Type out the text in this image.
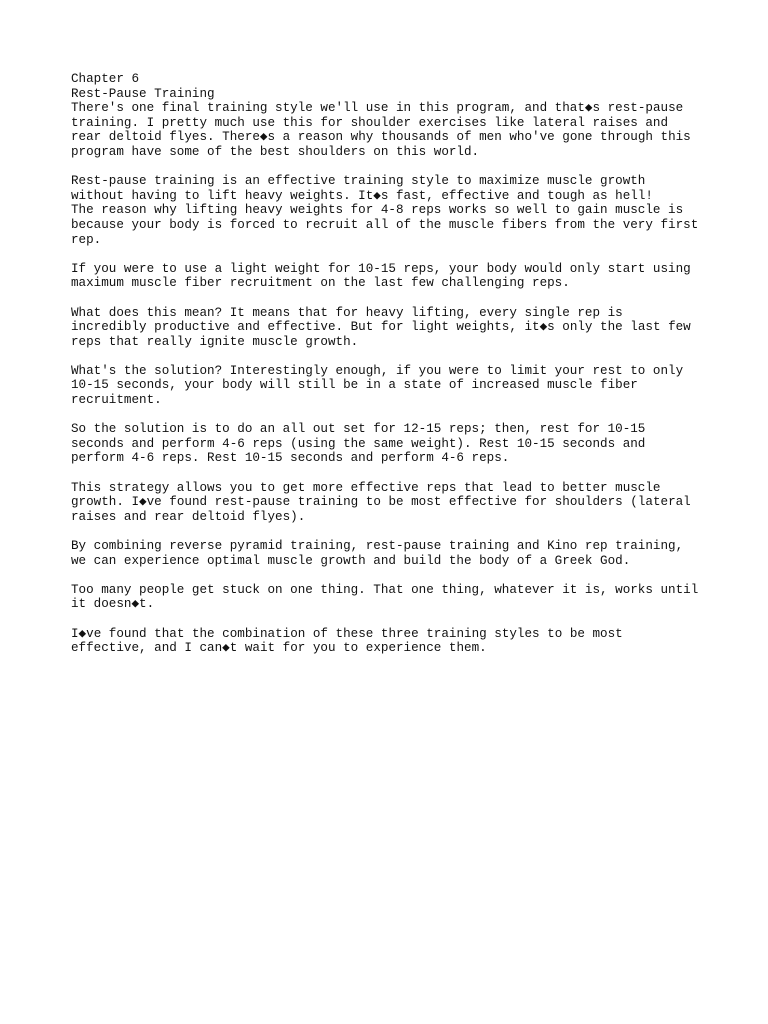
Chapter 6
Rest-Pause Training
There's one final training style we'll use in this program, and that◆s rest-pause
training. I pretty much use this for shoulder exercises like lateral raises and
rear deltoid flyes. There◆s a reason why thousands of men who've gone through this
program have some of the best shoulders on this world.
Rest-pause training is an effective training style to maximize muscle growth
without having to lift heavy weights. It◆s fast, effective and tough as hell!
The reason why lifting heavy weights for 4-8 reps works so well to gain muscle is
because your body is forced to recruit all of the muscle fibers from the very first
rep.
If you were to use a light weight for 10-15 reps, your body would only start using
maximum muscle fiber recruitment on the last few challenging reps.
What does this mean? It means that for heavy lifting, every single rep is
incredibly productive and effective. But for light weights, it◆s only the last few
reps that really ignite muscle growth.
What's the solution? Interestingly enough, if you were to limit your rest to only
10-15 seconds, your body will still be in a state of increased muscle fiber
recruitment.
So the solution is to do an all out set for 12-15 reps; then, rest for 10-15
seconds and perform 4-6 reps (using the same weight). Rest 10-15 seconds and
perform 4-6 reps. Rest 10-15 seconds and perform 4-6 reps.
This strategy allows you to get more effective reps that lead to better muscle
growth. I◆ve found rest-pause training to be most effective for shoulders (lateral
raises and rear deltoid flyes).
By combining reverse pyramid training, rest-pause training and Kino rep training,
we can experience optimal muscle growth and build the body of a Greek God.
Too many people get stuck on one thing. That one thing, whatever it is, works until
it doesn◆t.
I◆ve found that the combination of these three training styles to be most
effective, and I can◆t wait for you to experience them.
